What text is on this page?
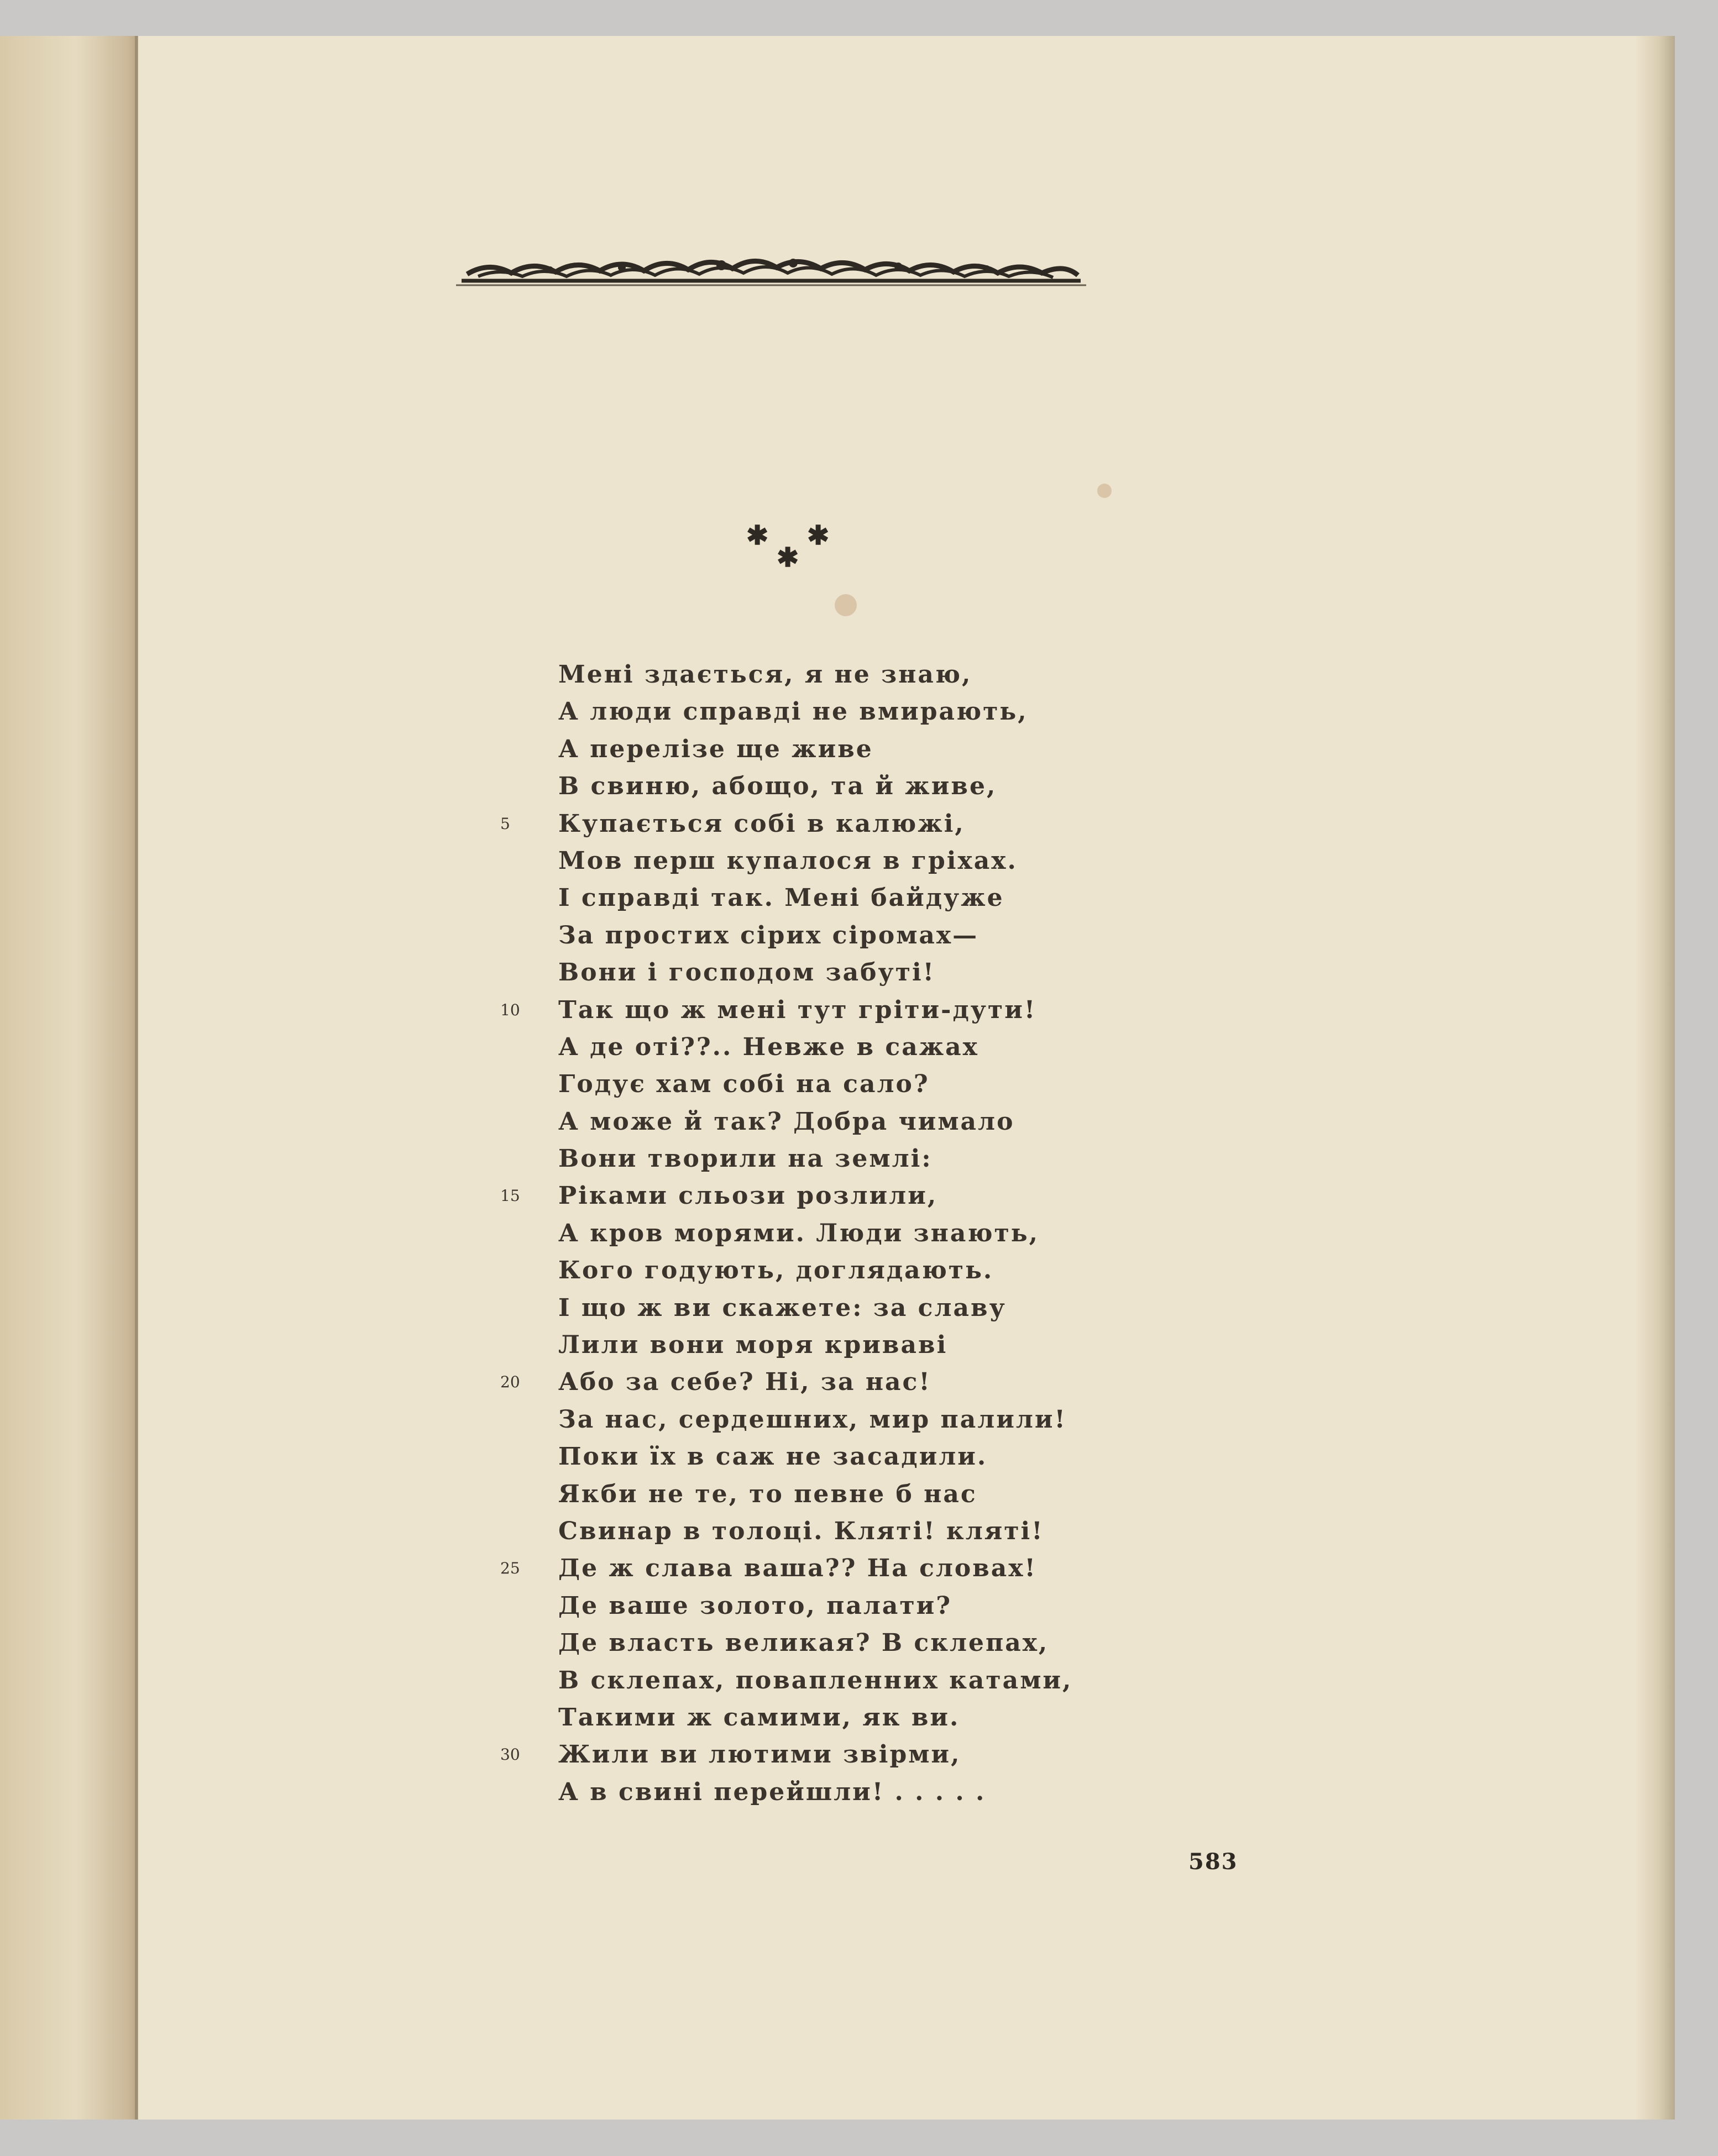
✱ ✱
✱
5
10
15
20
25
30
Мені здається, я не знаю,
А люди справді не вмирають,
А перелізе ще живе
В свиню, абощо, та й живе,
Купається собі в калюжі,
Мов перш купалося в гріхах.
І справді так. Мені байдуже
За простих сірих сіромах—
Вони і господом забуті!
Так що ж мені тут гріти-дути!
А де оті??.. Невже в сажах
Годує хам собі на сало?
А може й так? Добра чимало
Вони творили на землі:
Ріками сльози розлили,
А кров морями. Люди знають,
Кого годують, доглядають.
І що ж ви скажете: за славу
Лили вони моря криваві
Або за себе? Ні, за нас!
За нас, сердешних, мир палили!
Поки їх в саж не засадили.
Якби не те, то певне б нас
Свинар в толоці. Кляті! кляті!
Де ж слава ваша?? На словах!
Де ваше золото, палати?
Де власть великая? В склепах,
В склепах, повапленних катами,
Такими ж самими, як ви.
Жили ви лютими звірми,
А в свині перейшли! . . . . .
583
